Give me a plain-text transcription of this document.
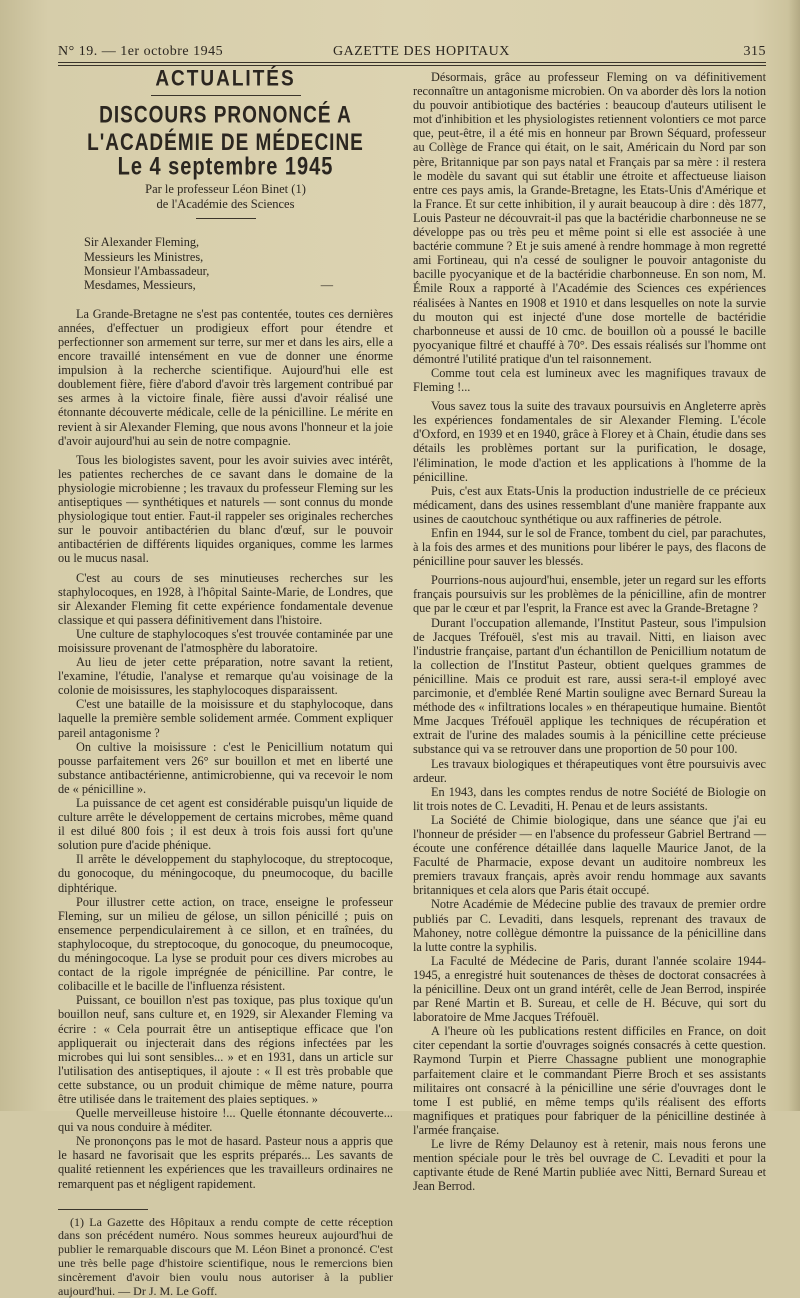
N° 19. — 1er octobre 1945	GAZETTE DES HOPITAUX	315
ACTUALITÉS
DISCOURS PRONONCÉ A L'ACADÉMIE DE MÉDECINE
Le 4 septembre 1945
Par le professeur Léon Binet (1)
de l'Académie des Sciences
Sir Alexander Fleming,
Messieurs les Ministres,
Monsieur l'Ambassadeur,
Mesdames, Messieurs,	—

La Grande-Bretagne ne s'est pas contentée, toutes ces dernières années, d'effectuer un prodigieux effort pour étendre et perfectionner son armement sur terre, sur mer et dans les airs, elle a encore travaillé intensément en vue de donner une énorme impulsion à la recherche scientifique. Aujourd'hui elle est doublement fière, fière d'abord d'avoir très largement contribué par ses armes à la victoire finale, fière aussi d'avoir réalisé une étonnante découverte médicale, celle de la pénicilline. Le mérite en revient à sir Alexander Fleming, que nous avons l'honneur et la joie d'avoir aujourd'hui au sein de notre compagnie.

Tous les biologistes savent, pour les avoir suivies avec intérêt, les patientes recherches de ce savant dans le domaine de la physiologie microbienne ; les travaux du professeur Fleming sur les antiseptiques — synthétiques et naturels — sont connus du monde physiologique tout entier. Faut-il rappeler ses originales recherches sur le pouvoir antibactérien du blanc d'œuf, sur le pouvoir antibactérien de différents liquides organiques, comme les larmes ou le mucus nasal.

C'est au cours de ses minutieuses recherches sur les staphylocoques, en 1928, à l'hôpital Sainte-Marie, de Londres, que sir Alexander Fleming fit cette expérience fondamentale devenue classique et qui passera définitivement dans l'histoire.

Une culture de staphylocoques s'est trouvée contaminée par une moisissure provenant de l'atmosphère du laboratoire.

Au lieu de jeter cette préparation, notre savant la retient, l'examine, l'étudie, l'analyse et remarque qu'au voisinage de la colonie de moisissures, les staphylocoques disparaissent.

C'est une bataille de la moisissure et du staphylocoque, dans laquelle la première semble solidement armée. Comment expliquer pareil antagonisme ?

On cultive la moisissure : c'est le Penicillium notatum qui pousse parfaitement vers 26° sur bouillon et met en liberté une substance antibactérienne, antimicrobienne, qui va recevoir le nom de « pénicilline ».

La puissance de cet agent est considérable puisqu'un liquide de culture arrête le développement de certains microbes, même quand il est dilué 800 fois ; il est deux à trois fois aussi fort qu'une solution pure d'acide phénique.

Il arrête le développement du staphylocoque, du streptocoque, du gonocoque, du méningocoque, du pneumocoque, du bacille diphtérique.

Pour illustrer cette action, on trace, enseigne le professeur Fleming, sur un milieu de gélose, un sillon pénicillé ; puis on ensemence perpendiculairement à ce sillon, et en traînées, du staphylocoque, du streptocoque, du gonocoque, du pneumocoque, du méningocoque. La lyse se produit pour ces divers microbes au contact de la rigole imprégnée de pénicilline. Par contre, le colibacille et le bacille de l'influenza résistent.

Puissant, ce bouillon n'est pas toxique, pas plus toxique qu'un bouillon neuf, sans culture et, en 1929, sir Alexander Fleming va écrire : « Cela pourrait être un antiseptique efficace que l'on appliquerait ou injecterait dans des régions infectées par les microbes qui lui sont sensibles... » et en 1931, dans un article sur l'utilisation des antiseptiques, il ajoute : « Il est très probable que cette substance, ou un produit chimique de même nature, pourra être utilisée dans le traitement des plaies septiques. »

Quelle merveilleuse histoire !... Quelle étonnante découverte... qui va nous conduire à méditer.

Ne prononçons pas le mot de hasard. Pasteur nous a appris que le hasard ne favorisait que les esprits préparés... Les savants de qualité retiennent les expériences que les travailleurs ordinaires ne remarquent pas et négligent rapidement.

(1) La Gazette des Hôpitaux a rendu compte de cette réception dans son précédent numéro. Nous sommes heureux aujourd'hui de publier le remarquable discours que M. Léon Binet a prononcé. C'est une très belle page d'histoire scientifique, nous le remercions bien sincèrement d'avoir bien voulu nous autoriser à la publier aujourd'hui. — Dr J. M. Le Goff.

Désormais, grâce au professeur Fleming on va définitivement reconnaître un antagonisme microbien. On va aborder dès lors la notion du pouvoir antibiotique des bactéries : beaucoup d'auteurs utilisent le mot d'inhibition et les physiologistes retiennent volontiers ce mot parce que, peut-être, il a été mis en honneur par Brown Séquard, professeur au Collège de France qui était, on le sait, Américain du Nord par son père, Britannique par son pays natal et Français par sa mère : il restera le modèle du savant qui sut établir une étroite et affectueuse liaison entre ces pays amis, la Grande-Bretagne, les Etats-Unis d'Amérique et la France. Et sur cette inhibition, il y aurait beaucoup à dire : dès 1877, Louis Pasteur ne découvrait-il pas que la bactéridie charbonneuse ne se développe pas ou très peu et même point si elle est associée à une bactérie commune ? Et je suis amené à rendre hommage à mon regretté ami Fortineau, qui n'a cessé de souligner le pouvoir antagoniste du bacille pyocyanique et de la bactéridie charbonneuse. En son nom, M. Émile Roux a rapporté à l'Académie des Sciences ces expériences réalisées à Nantes en 1908 et 1910 et dans lesquelles on note la survie du mouton qui est injecté d'une dose mortelle de bactéridie charbonneuse et aussi de 10 cmc. de bouillon où a poussé le bacille pyocyanique filtré et chauffé à 70°. Des essais réalisés sur l'homme ont démontré l'utilité pratique d'un tel raisonnement.

Comme tout cela est lumineux avec les magnifiques travaux de Fleming !...

Vous savez tous la suite des travaux poursuivis en Angleterre après les expériences fondamentales de sir Alexander Fleming. L'école d'Oxford, en 1939 et en 1940, grâce à Florey et à Chain, étudie dans ses détails les problèmes portant sur la purification, le dosage, l'élimination, le mode d'action et les applications à l'homme de la pénicilline.

Puis, c'est aux Etats-Unis la production industrielle de ce précieux médicament, dans des usines ressemblant d'une manière frappante aux usines de caoutchouc synthétique ou aux raffineries de pétrole.

Enfin en 1944, sur le sol de France, tombent du ciel, par parachutes, à la fois des armes et des munitions pour libérer le pays, des flacons de pénicilline pour sauver les blessés.

Pourrions-nous aujourd'hui, ensemble, jeter un regard sur les efforts français poursuivis sur les problèmes de la pénicilline, afin de montrer que par le cœur et par l'esprit, la France est avec la Grande-Bretagne ?

Durant l'occupation allemande, l'Institut Pasteur, sous l'impulsion de Jacques Tréfouël, s'est mis au travail. Nitti, en liaison avec l'industrie française, partant d'un échantillon de Penicillium notatum de la collection de l'Institut Pasteur, obtient quelques grammes de pénicilline. Mais ce produit est rare, aussi sera-t-il employé avec parcimonie, et d'emblée René Martin souligne avec Bernard Sureau la méthode des « infiltrations locales » en thérapeutique humaine. Bientôt Mme Jacques Tréfouël applique les techniques de récupération et extrait de l'urine des malades soumis à la pénicilline cette précieuse substance qui va se retrouver dans une proportion de 50 pour 100.

Les travaux biologiques et thérapeutiques vont être poursuivis avec ardeur.

En 1943, dans les comptes rendus de notre Société de Biologie on lit trois notes de C. Levaditi, H. Penau et de leurs assistants.

La Société de Chimie biologique, dans une séance que j'ai eu l'honneur de présider — en l'absence du professeur Gabriel Bertrand — écoute une conférence détaillée dans laquelle Maurice Janot, de la Faculté de Pharmacie, expose devant un auditoire nombreux les premiers travaux français, après avoir rendu hommage aux savants britanniques et cela alors que Paris était occupé.

Notre Académie de Médecine publie des travaux de premier ordre publiés par C. Levaditi, dans lesquels, reprenant des travaux de Mahoney, notre collègue démontre la puissance de la pénicilline dans la lutte contre la syphilis.

La Faculté de Médecine de Paris, durant l'année scolaire 1944-1945, a enregistré huit soutenances de thèses de doctorat consacrées à la pénicilline. Deux ont un grand intérêt, celle de Jean Berrod, inspirée par René Martin et B. Sureau, et celle de H. Bécuve, qui sort du laboratoire de Mme Jacques Tréfouël.

A l'heure où les publications restent difficiles en France, on doit citer cependant la sortie d'ouvrages soignés consacrés à cette question. Raymond Turpin et Pierre Chassagne publient une monographie parfaitement claire et le commandant Pierre Broch et ses assistants militaires ont consacré à la pénicilline une série d'ouvrages dont le tome I est publié, en même temps qu'ils réalisent des efforts magnifiques et pratiques pour fabriquer de la pénicilline destinée à l'armée française.

Le livre de Rémy Delaunoy est à retenir, mais nous ferons une mention spéciale pour le très bel ouvrage de C. Levaditi et pour la captivante étude de René Martin publiée avec Nitti, Bernard Sureau et Jean Berrod.
